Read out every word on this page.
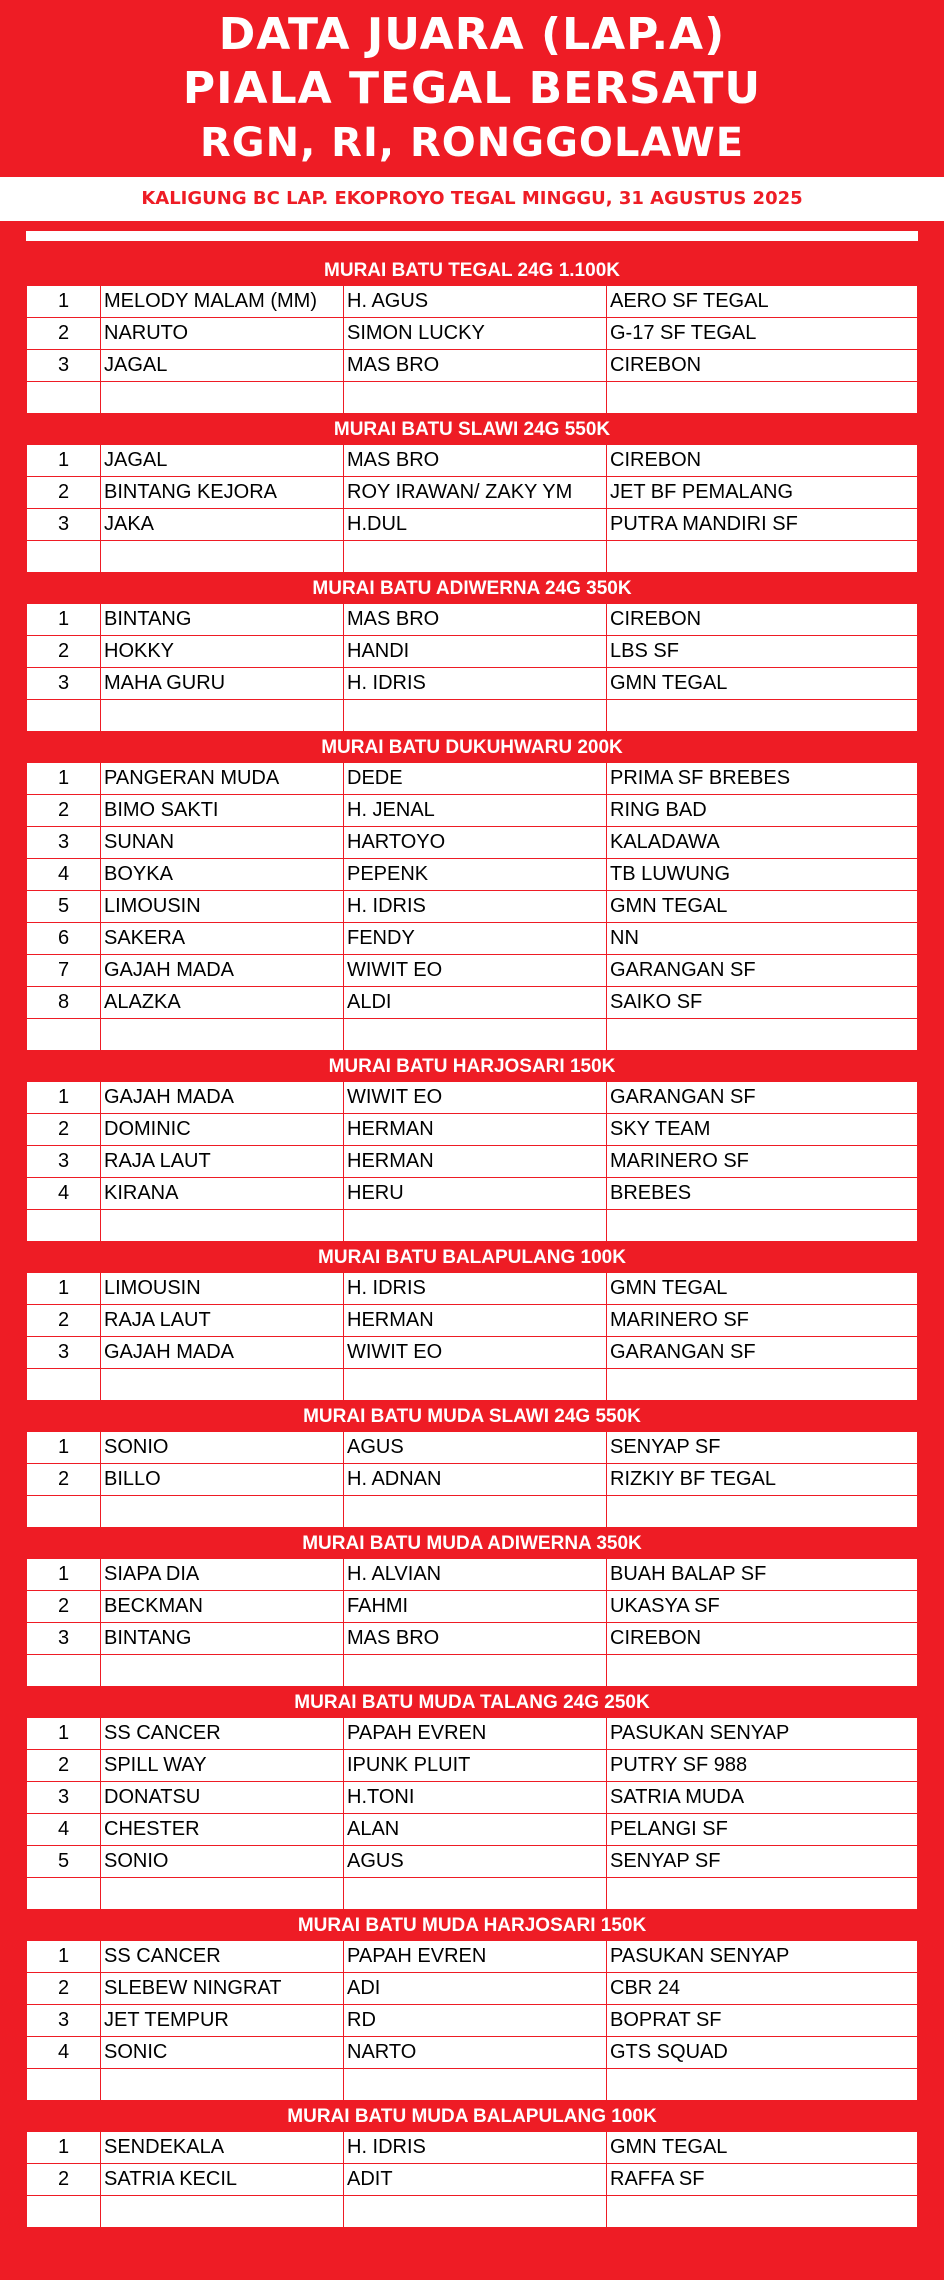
DATA JUARA (LAP.A)
PIALA TEGAL BERSATU
RGN, RI, RONGGOLAWE
KALIGUNG BC LAP. EKOPROYO TEGAL MINGGU, 31 AGUSTUS 2025
MURAI BATU TEGAL 24G 1.100K
1	MELODY MALAM (MM)	H. AGUS	AERO SF TEGAL
2	NARUTO	SIMON LUCKY	G-17 SF TEGAL
3	JAGAL	MAS BRO	CIREBON

MURAI BATU SLAWI 24G 550K
1	JAGAL	MAS BRO	CIREBON
2	BINTANG KEJORA	ROY IRAWAN/ ZAKY YM	JET BF PEMALANG
3	JAKA	H.DUL	PUTRA MANDIRI SF

MURAI BATU ADIWERNA 24G 350K
1	BINTANG	MAS BRO	CIREBON
2	HOKKY	HANDI	LBS SF
3	MAHA GURU	H. IDRIS	GMN TEGAL

MURAI BATU DUKUHWARU 200K
1	PANGERAN MUDA	DEDE	PRIMA SF BREBES
2	BIMO SAKTI	H. JENAL	RING BAD
3	SUNAN	HARTOYO	KALADAWA
4	BOYKA	PEPENK	TB LUWUNG
5	LIMOUSIN	H. IDRIS	GMN TEGAL
6	SAKERA	FENDY	NN
7	GAJAH MADA	WIWIT EO	GARANGAN SF
8	ALAZKA	ALDI	SAIKO SF

MURAI BATU HARJOSARI 150K
1	GAJAH MADA	WIWIT EO	GARANGAN SF
2	DOMINIC	HERMAN	SKY TEAM
3	RAJA LAUT	HERMAN	MARINERO SF
4	KIRANA	HERU	BREBES

MURAI BATU BALAPULANG 100K
1	LIMOUSIN	H. IDRIS	GMN TEGAL
2	RAJA LAUT	HERMAN	MARINERO SF
3	GAJAH MADA	WIWIT EO	GARANGAN SF

MURAI BATU MUDA SLAWI 24G 550K
1	SONIO	AGUS	SENYAP SF
2	BILLO	H. ADNAN	RIZKIY BF TEGAL

MURAI BATU MUDA ADIWERNA 350K
1	SIAPA DIA	H. ALVIAN	BUAH BALAP SF
2	BECKMAN	FAHMI	UKASYA SF
3	BINTANG	MAS BRO	CIREBON

MURAI BATU MUDA TALANG 24G 250K
1	SS CANCER	PAPAH EVREN	PASUKAN SENYAP
2	SPILL WAY	IPUNK PLUIT	PUTRY SF 988
3	DONATSU	H.TONI	SATRIA MUDA
4	CHESTER	ALAN	PELANGI SF
5	SONIO	AGUS	SENYAP SF

MURAI BATU MUDA HARJOSARI 150K
1	SS CANCER	PAPAH EVREN	PASUKAN SENYAP
2	SLEBEW NINGRAT	ADI	CBR 24
3	JET TEMPUR	RD	BOPRAT SF
4	SONIC	NARTO	GTS SQUAD

MURAI BATU MUDA BALAPULANG 100K
1	SENDEKALA	H. IDRIS	GMN TEGAL
2	SATRIA KECIL	ADIT	RAFFA SF
